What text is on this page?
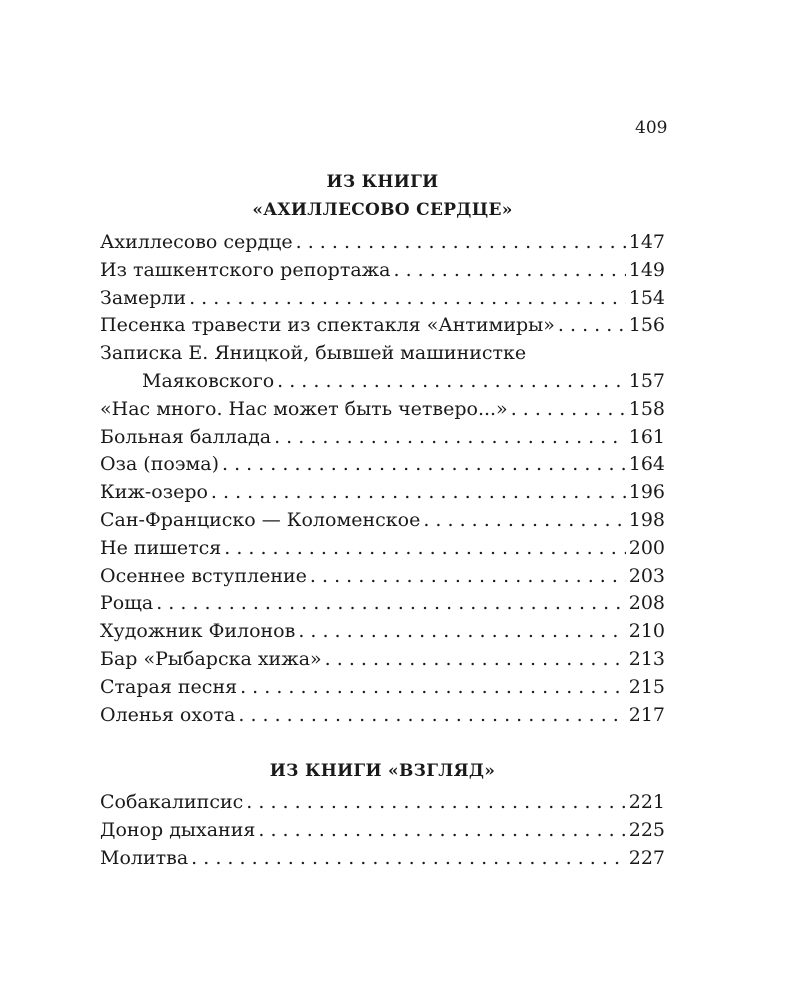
409
ИЗ КНИГИ
«АХИЛЛЕСОВО СЕРДЦЕ»
Ахиллесово сердце . . .	147
Из ташкентского репортажа . . .	149
Замерли . . .	154
Песенка травести из спектакля «Антимиры» . . .	156
Записка Е. Яницкой, бывшей машинистке
Маяковского . . .	157
«Нас много. Нас может быть четверо...» . . .	158
Больная баллада . . .	161
Оза (поэма) . . .	164
Киж-озеро . . .	196
Сан-Франциско — Коломенское . . .	198
Не пишется . . .	200
Осеннее вступление . . .	203
Роща . . .	208
Художник Филонов . . .	210
Бар «Рыбарска хижа» . . .	213
Старая песня . . .	215
Оленья охота . . .	217
ИЗ КНИГИ «ВЗГЛЯД»
Собакалипсис . . .	221
Донор дыхания . . .	225
Молитва . . .	227
